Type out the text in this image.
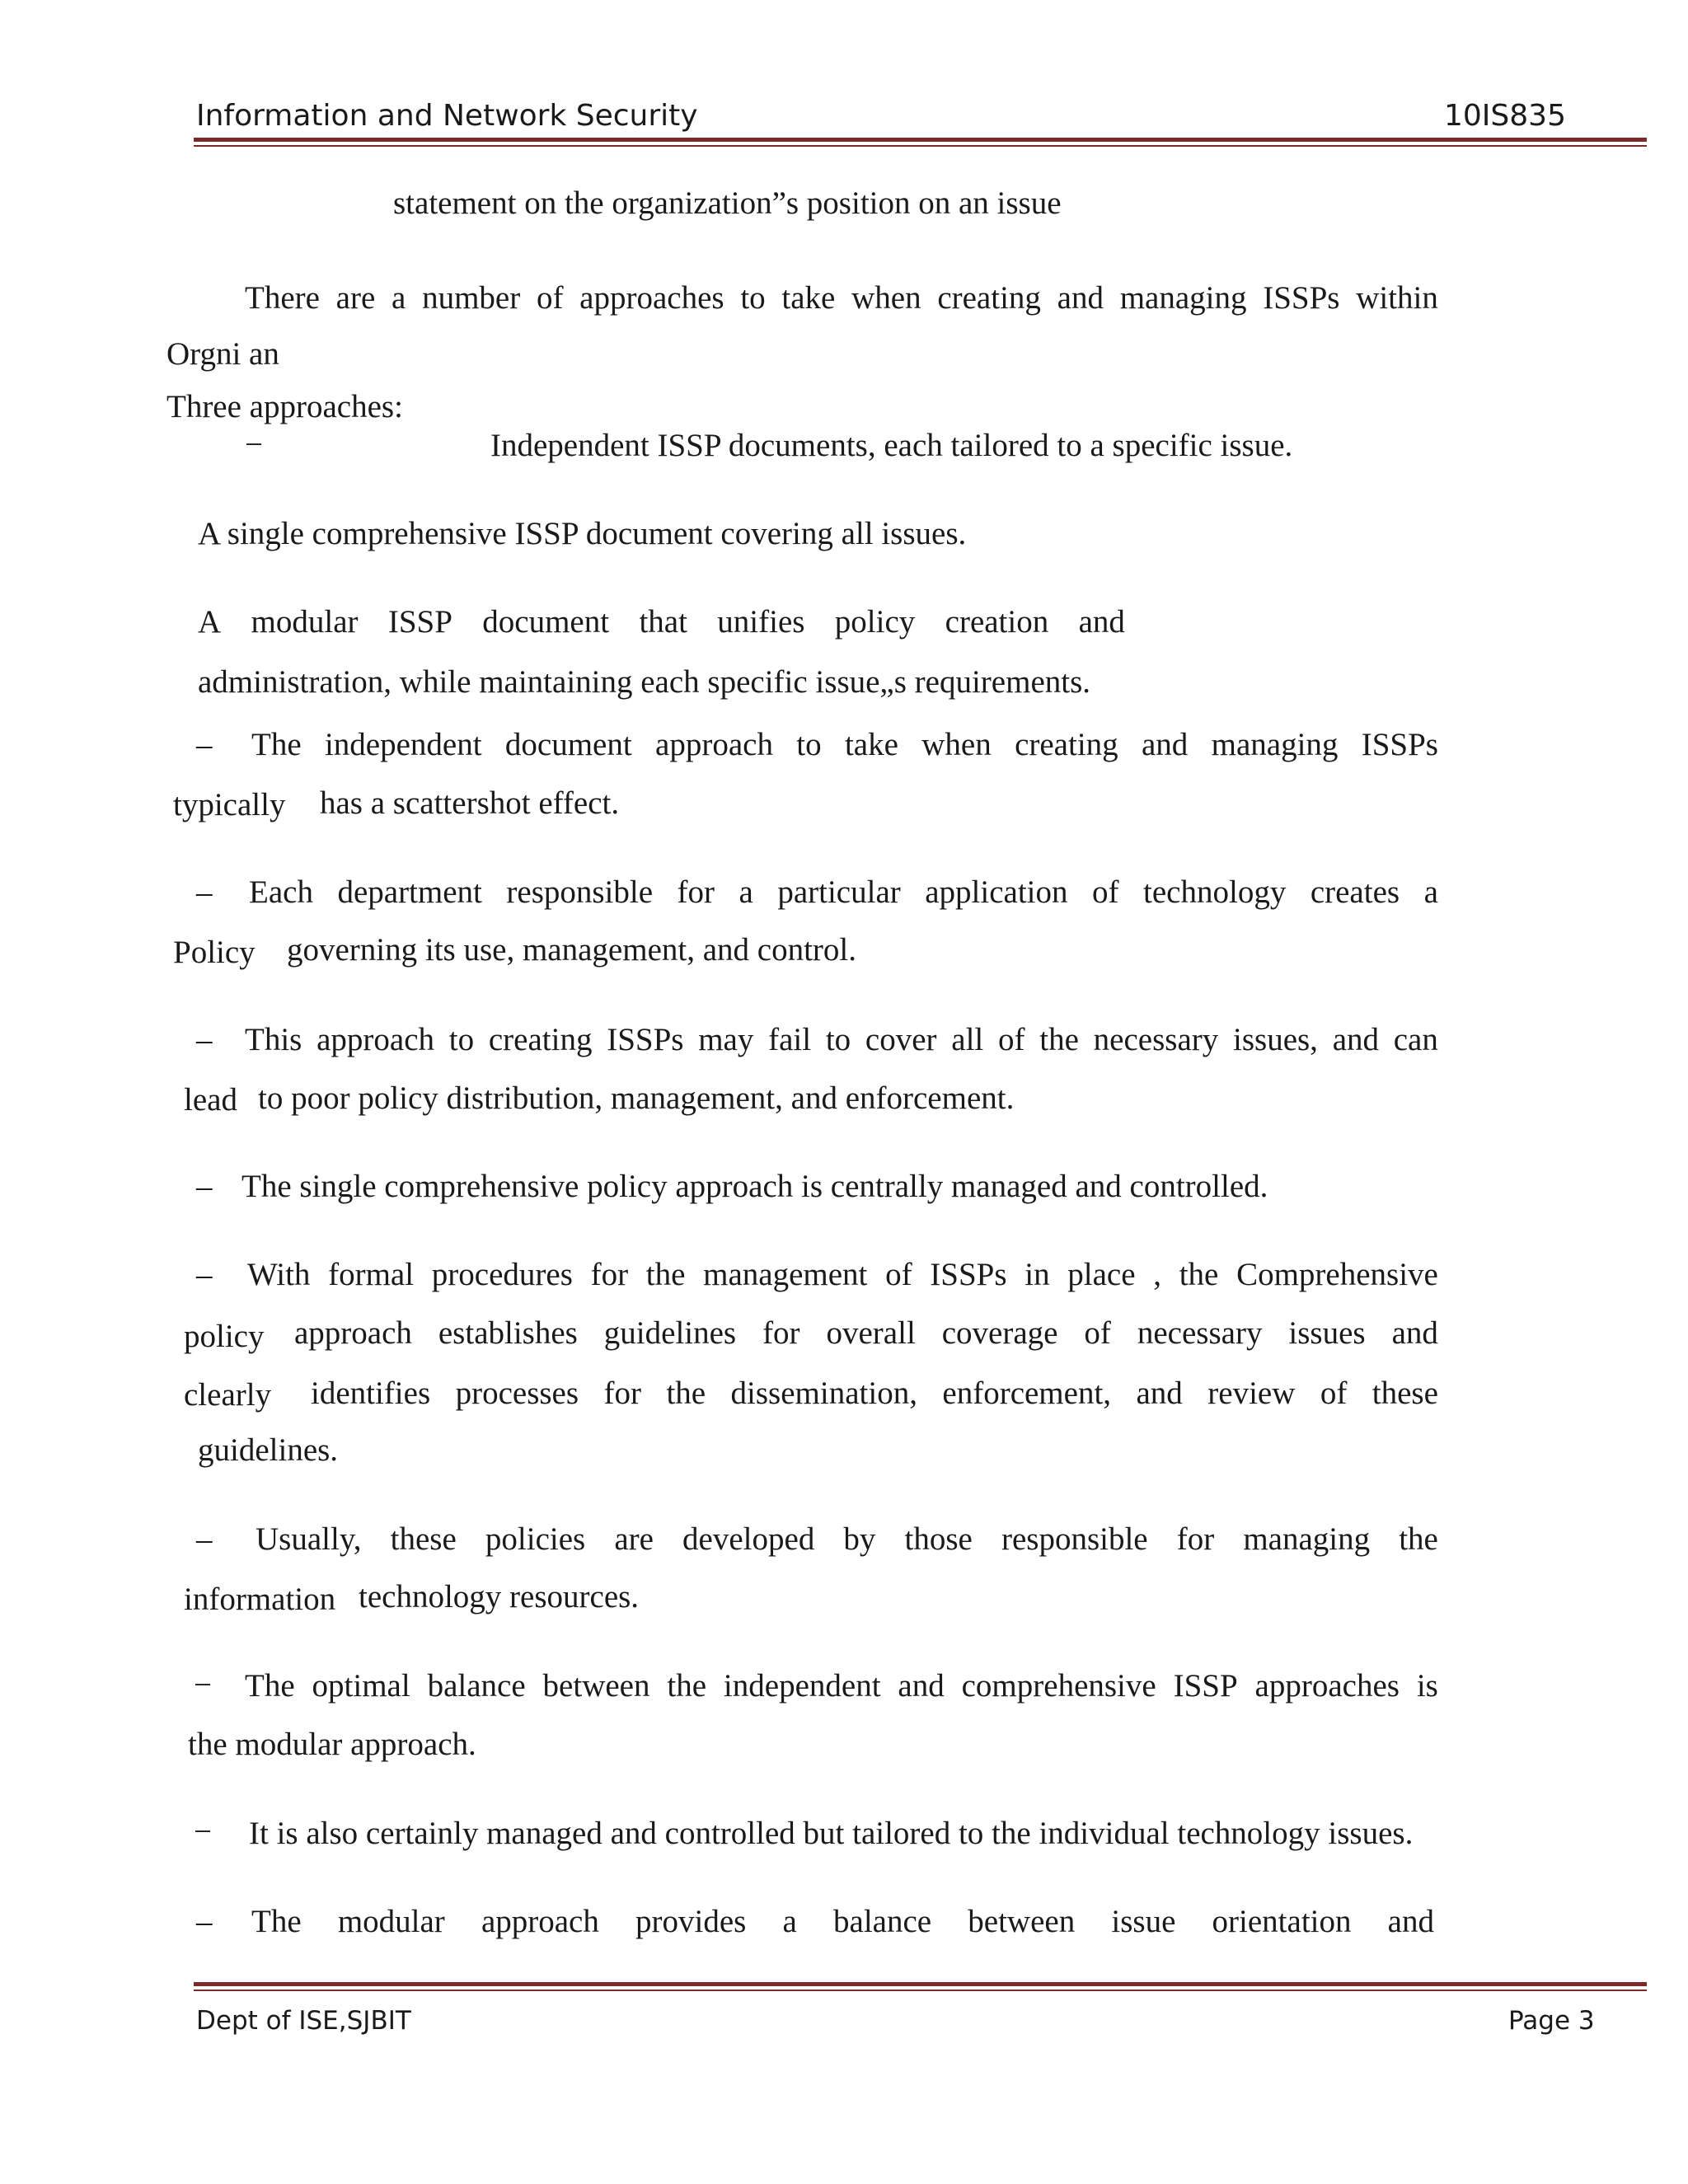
Information and Network Security	10IS835
statement on the organization”s position on an issue
There are a number of approaches to take when creating and managing ISSPs within
Orgni an
Three approaches:
−	Independent ISSP documents, each tailored to a specific issue.
A single comprehensive ISSP document covering all issues.
A modular ISSP document that unifies policy creation and
administration, while maintaining each specific issue„s requirements.
– The independent document approach to take when creating and managing ISSPs
typically has a scattershot effect.
– Each department responsible for a particular application of technology creates a
Policy governing its use, management, and control.
– This approach to creating ISSPs may fail to cover all of the necessary issues, and can
lead to poor policy distribution, management, and enforcement.
– The single comprehensive policy approach is centrally managed and controlled.
– With formal procedures for the management of ISSPs in place , the Comprehensive
policy approach establishes guidelines for overall coverage of necessary issues and
clearly identifies processes for the dissemination, enforcement, and review of these
guidelines.
– Usually, these policies are developed by those responsible for managing the
information technology resources.
− The optimal balance between the independent and comprehensive ISSP approaches is
the modular approach.
− It is also certainly managed and controlled but tailored to the individual technology issues.
– The modular approach provides a balance between issue orientation and
Dept of ISE,SJBIT	Page 3
